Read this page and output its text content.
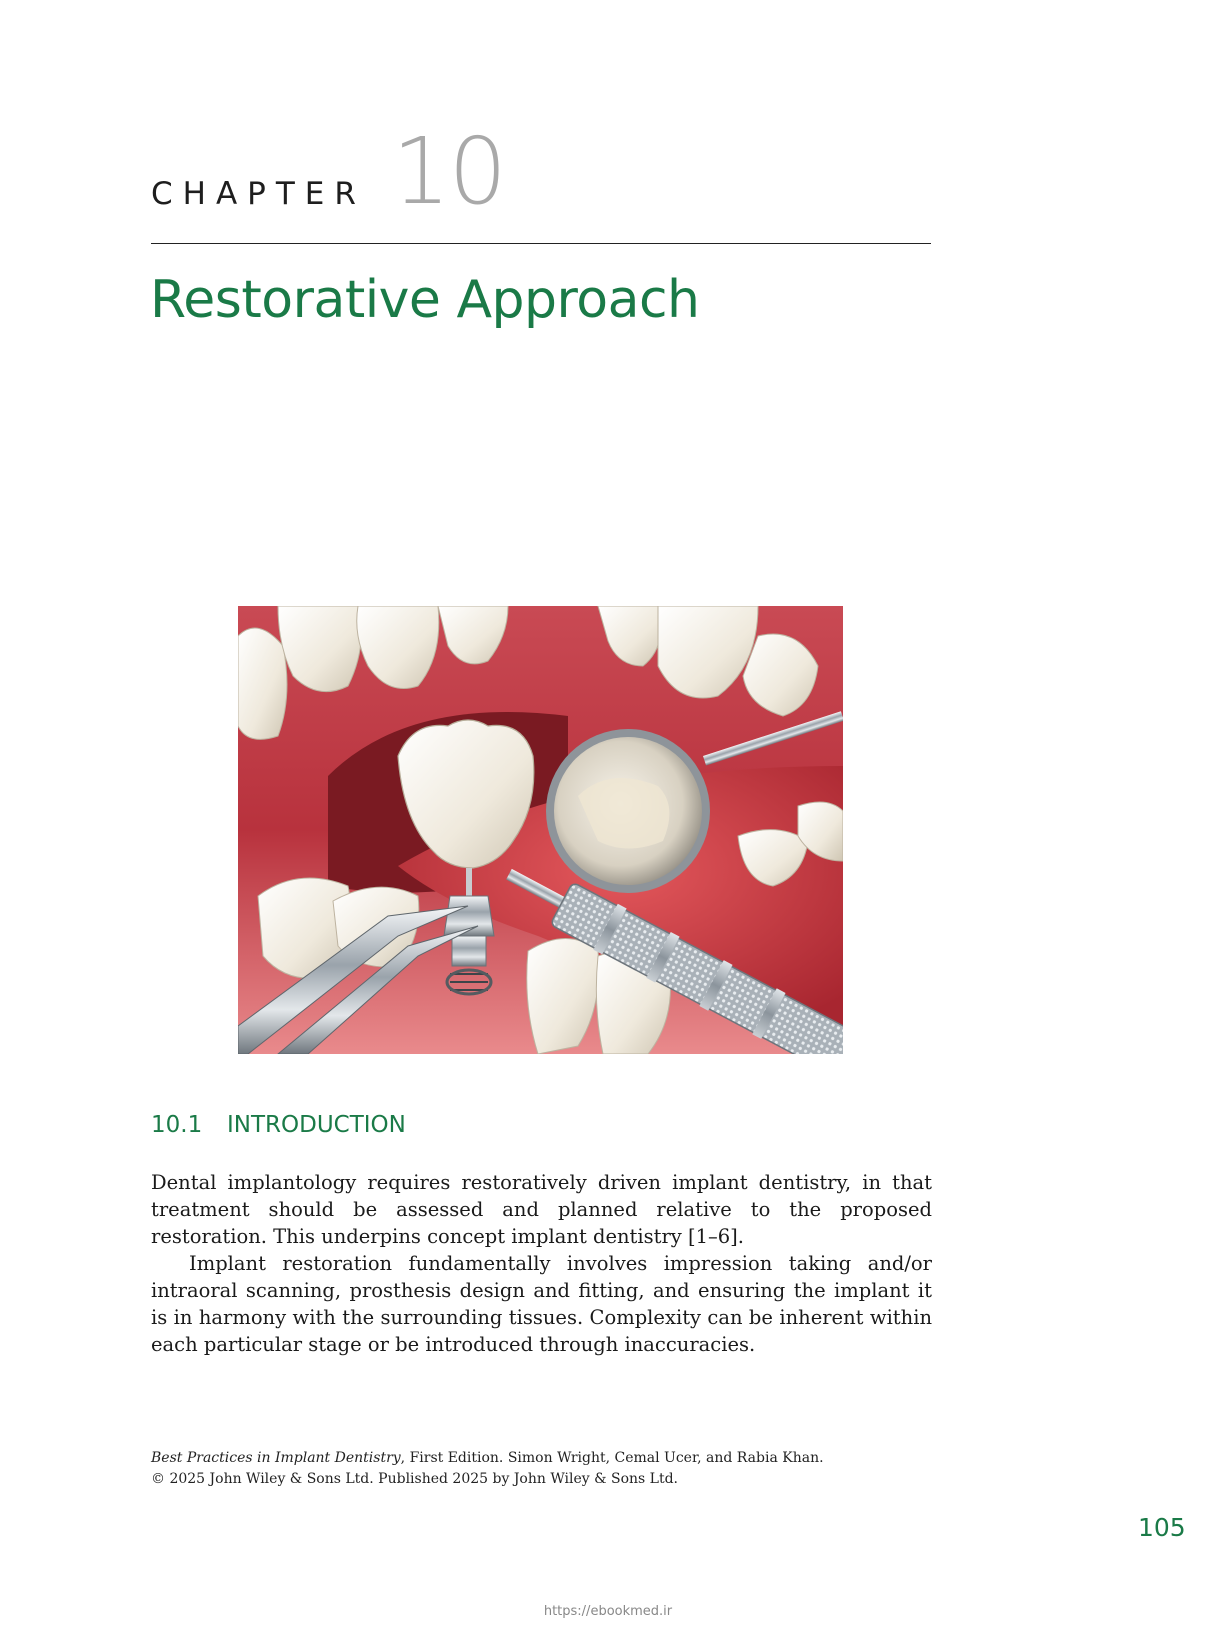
CHAPTER 10
Restorative Approach
10.1 INTRODUCTION

Dental implantology requires restoratively driven implant dentistry, in that treatment should be assessed and planned relative to the proposed restoration. This underpins concept implant dentistry [1–6].

Implant restoration fundamentally involves impression taking and/or intraoral scanning, prosthesis design and fitting, and ensuring the implant it is in harmony with the surrounding tissues. Complexity can be inherent within each particular stage or be introduced through inaccuracies.

Best Practices in Implant Dentistry, First Edition. Simon Wright, Cemal Ucer, and Rabia Khan.
© 2025 John Wiley & Sons Ltd. Published 2025 by John Wiley & Sons Ltd.
105
https://ebookmed.ir
